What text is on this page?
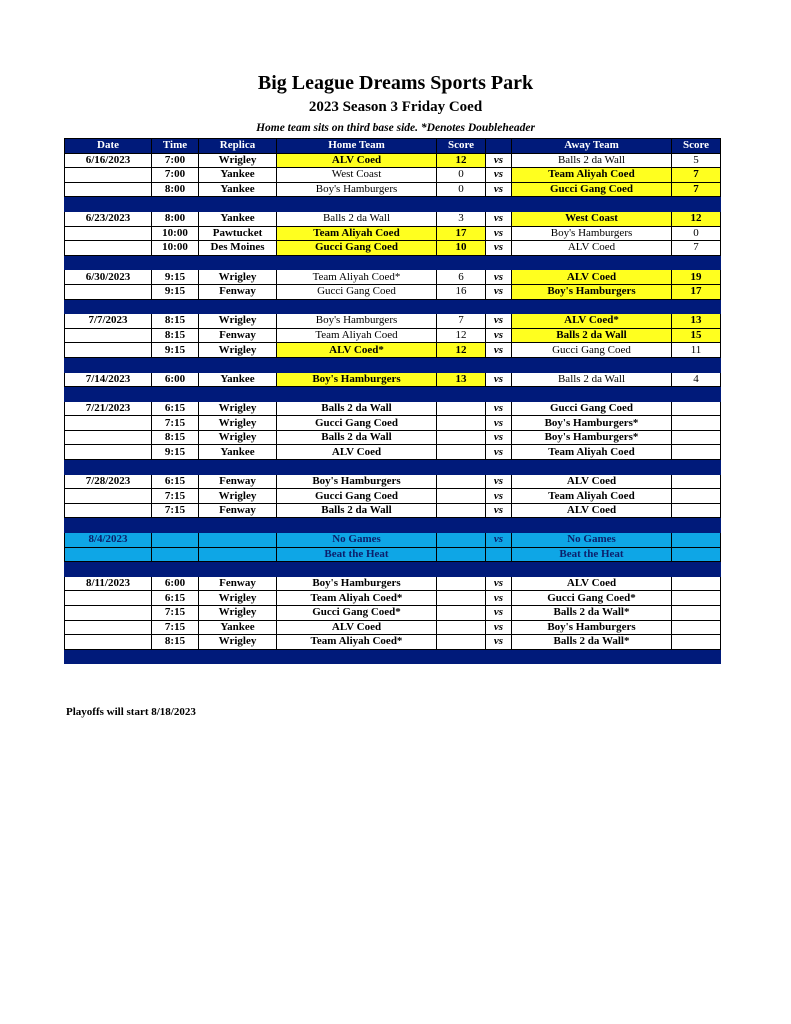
Big League Dreams Sports Park
2023 Season 3 Friday Coed
Home team sits on third base side. *Denotes Doubleheader
Date	Time	Replica	Home Team	Score		Away Team	Score
6/16/2023	7:00	Wrigley	ALV Coed	12	vs	Balls 2 da Wall	5
	7:00	Yankee	West Coast	0	vs	Team Aliyah Coed	7
	8:00	Yankee	Boy's Hamburgers	0	vs	Gucci Gang Coed	7

6/23/2023	8:00	Yankee	Balls 2 da Wall	3	vs	West Coast	12
	10:00	Pawtucket	Team Aliyah Coed	17	vs	Boy's Hamburgers	0
	10:00	Des Moines	Gucci Gang Coed	10	vs	ALV Coed	7

6/30/2023	9:15	Wrigley	Team Aliyah Coed*	6	vs	ALV Coed	19
	9:15	Fenway	Gucci Gang Coed	16	vs	Boy's Hamburgers	17

7/7/2023	8:15	Wrigley	Boy's Hamburgers	7	vs	ALV Coed*	13
	8:15	Fenway	Team Aliyah Coed	12	vs	Balls 2 da Wall	15
	9:15	Wrigley	ALV Coed*	12	vs	Gucci Gang Coed	11

7/14/2023	6:00	Yankee	Boy's Hamburgers	13	vs	Balls 2 da Wall	4

7/21/2023	6:15	Wrigley	Balls 2 da Wall		vs	Gucci Gang Coed	
	7:15	Wrigley	Gucci Gang Coed		vs	Boy's Hamburgers*	
	8:15	Wrigley	Balls 2 da Wall		vs	Boy's Hamburgers*	
	9:15	Yankee	ALV Coed		vs	Team Aliyah Coed	

7/28/2023	6:15	Fenway	Boy's Hamburgers		vs	ALV Coed	
	7:15	Wrigley	Gucci Gang Coed		vs	Team Aliyah Coed	
	7:15	Fenway	Balls 2 da Wall		vs	ALV Coed	

8/4/2023			No Games		vs	No Games	
			Beat the Heat			Beat the Heat	

8/11/2023	6:00	Fenway	Boy's Hamburgers		vs	ALV Coed	
	6:15	Wrigley	Team Aliyah Coed*		vs	Gucci Gang Coed*	
	7:15	Wrigley	Gucci Gang Coed*		vs	Balls 2 da Wall*	
	7:15	Yankee	ALV Coed		vs	Boy's Hamburgers	
	8:15	Wrigley	Team Aliyah Coed*		vs	Balls 2 da Wall*	

Playoffs will start 8/18/2023
